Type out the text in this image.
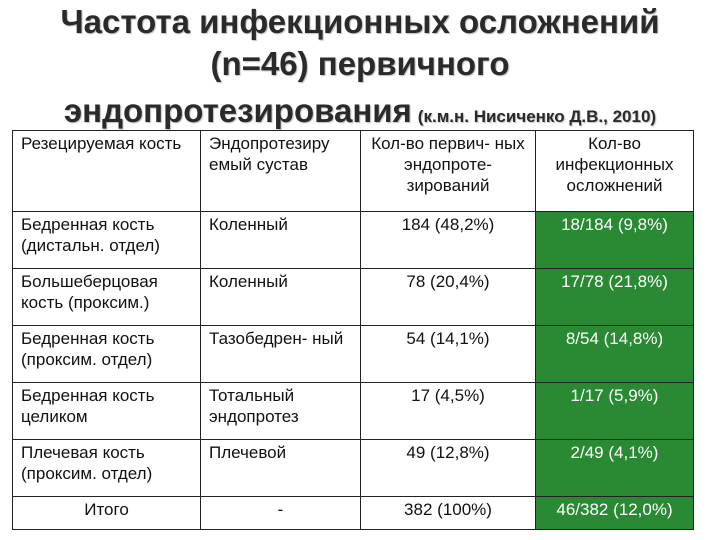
Частота инфекционных осложнений
(n=46) первичного
эндопротезирования (к.м.н. Нисиченко Д.В., 2010)
Резецируемая кость	Эндопротезиру емый сустав	Кол-во первич- ных эндопроте- зирований	Кол-во инфекционных осложнений
Бедренная кость (дистальн. отдел)	Коленный	184 (48,2%)	18/184 (9,8%)
Большеберцовая кость (проксим.)	Коленный	78 (20,4%)	17/78 (21,8%)
Бедренная кость (проксим. отдел)	Тазобедрен- ный	54 (14,1%)	8/54 (14,8%)
Бедренная кость целиком	Тотальный эндопротез	17 (4,5%)	1/17 (5,9%)
Плечевая кость (проксим. отдел)	Плечевой	49 (12,8%)	2/49 (4,1%)
Итого	-	382 (100%)	46/382 (12,0%)
